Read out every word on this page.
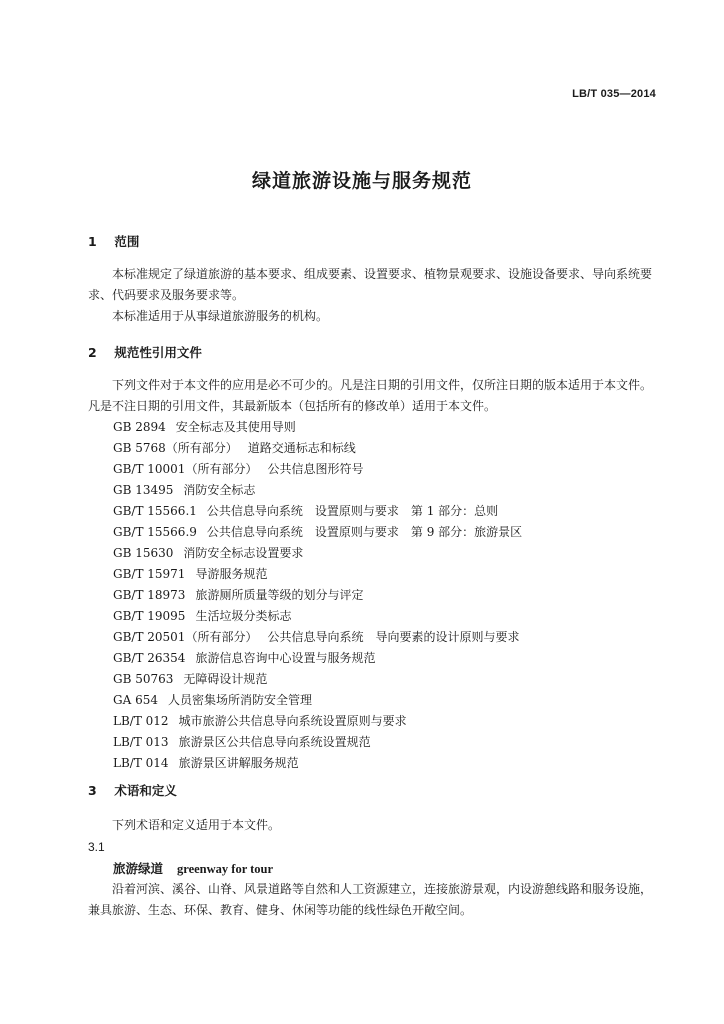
LB/T 035—2014
绿道旅游设施与服务规范
1 范围
本标准规定了绿道旅游的基本要求、组成要素、设置要求、植物景观要求、设施设备要求、导向系统要求、代码要求及服务要求等。
本标准适用于从事绿道旅游服务的机构。
2 规范性引用文件
下列文件对于本文件的应用是必不可少的。凡是注日期的引用文件，仅所注日期的版本适用于本文件。凡是不注日期的引用文件，其最新版本（包括所有的修改单）适用于本文件。
GB 2894 安全标志及其使用导则
GB 5768（所有部分） 道路交通标志和标线
GB/T 10001（所有部分） 公共信息图形符号
GB 13495 消防安全标志
GB/T 15566.1 公共信息导向系统　设置原则与要求　第 1 部分：总则
GB/T 15566.9 公共信息导向系统　设置原则与要求　第 9 部分：旅游景区
GB 15630 消防安全标志设置要求
GB/T 15971 导游服务规范
GB/T 18973 旅游厕所质量等级的划分与评定
GB/T 19095 生活垃圾分类标志
GB/T 20501（所有部分） 公共信息导向系统　导向要素的设计原则与要求
GB/T 26354 旅游信息咨询中心设置与服务规范
GB 50763 无障碍设计规范
GA 654 人员密集场所消防安全管理
LB/T 012 城市旅游公共信息导向系统设置原则与要求
LB/T 013 旅游景区公共信息导向系统设置规范
LB/T 014 旅游景区讲解服务规范
3 术语和定义
下列术语和定义适用于本文件。
3.1
旅游绿道 greenway for tour
沿着河滨、溪谷、山脊、风景道路等自然和人工资源建立，连接旅游景观，内设游憩线路和服务设施，兼具旅游、生态、环保、教育、健身、休闲等功能的线性绿色开敞空间。
